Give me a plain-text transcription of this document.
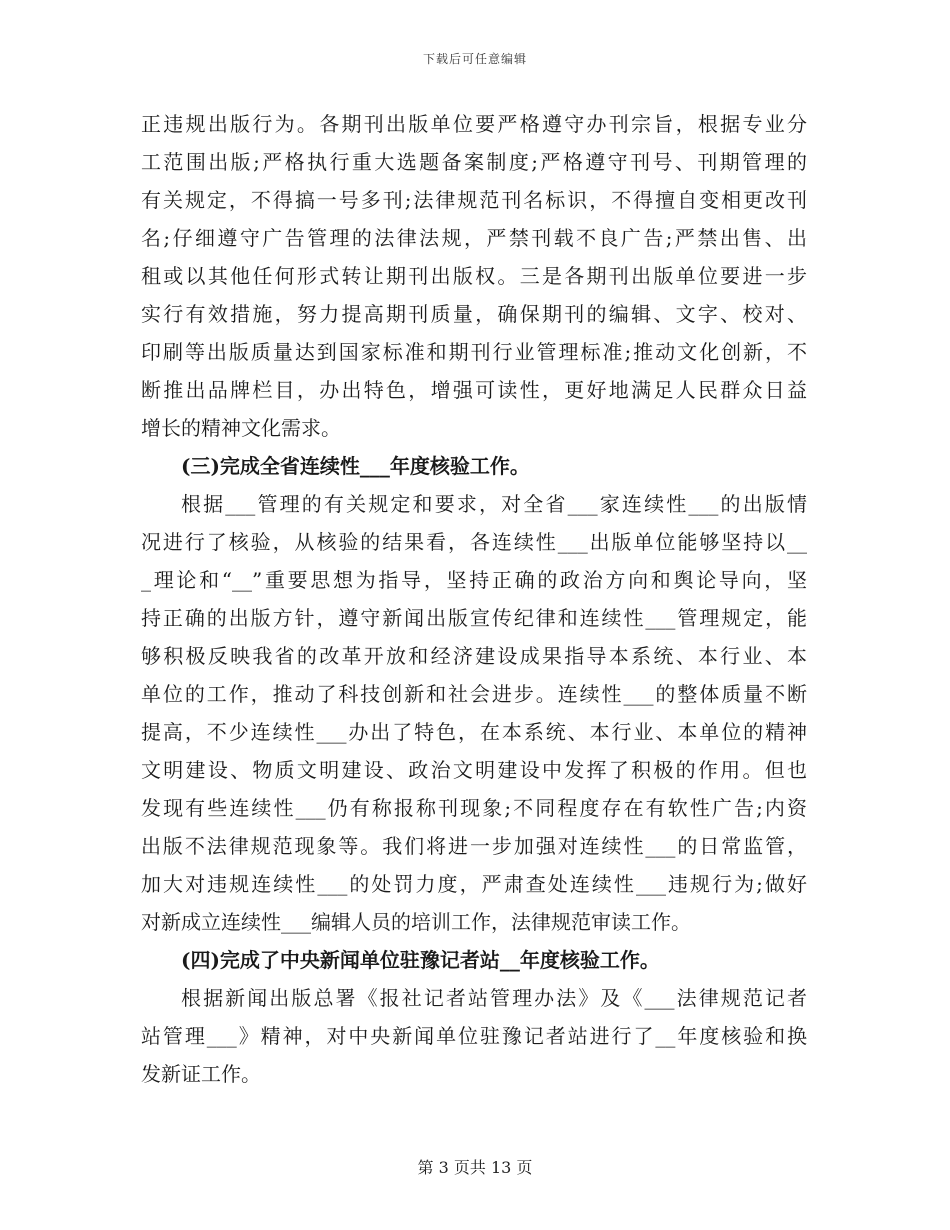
下载后可任意编辑
正违规出版行为。各期刊出版单位要严格遵守办刊宗旨，根据专业分
工范围出版;严格执行重大选题备案制度;严格遵守刊号、刊期管理的
有关规定，不得搞一号多刊;法律规范刊名标识，不得擅自变相更改刊
名;仔细遵守广告管理的法律法规，严禁刊载不良广告;严禁出售、出
租或以其他任何形式转让期刊出版权。三是各期刊出版单位要进一步
实行有效措施，努力提高期刊质量，确保期刊的编辑、文字、校对、
印刷等出版质量达到国家标准和期刊行业管理标准;推动文化创新，不
断推出品牌栏目，办出特色，增强可读性，更好地满足人民群众日益
增长的精神文化需求。
(三)完成全省连续性___年度核验工作。
根据___管理的有关规定和要求，对全省___家连续性___的出版情
况进行了核验，从核验的结果看，各连续性___出版单位能够坚持以__
_理论和“__”重要思想为指导，坚持正确的政治方向和舆论导向，坚
持正确的出版方针，遵守新闻出版宣传纪律和连续性___管理规定，能
够积极反映我省的改革开放和经济建设成果指导本系统、本行业、本
单位的工作，推动了科技创新和社会进步。连续性___的整体质量不断
提高，不少连续性___办出了特色，在本系统、本行业、本单位的精神
文明建设、物质文明建设、政治文明建设中发挥了积极的作用。但也
发现有些连续性___仍有称报称刊现象;不同程度存在有软性广告;内资
出版不法律规范现象等。我们将进一步加强对连续性___的日常监管，
加大对违规连续性___的处罚力度，严肃查处连续性___违规行为;做好
对新成立连续性___编辑人员的培训工作，法律规范审读工作。
(四)完成了中央新闻单位驻豫记者站__年度核验工作。
根据新闻出版总署《报社记者站管理办法》及《___法律规范记者
站管理___》精神，对中央新闻单位驻豫记者站进行了__年度核验和换
发新证工作。
第 3 页共 13 页
